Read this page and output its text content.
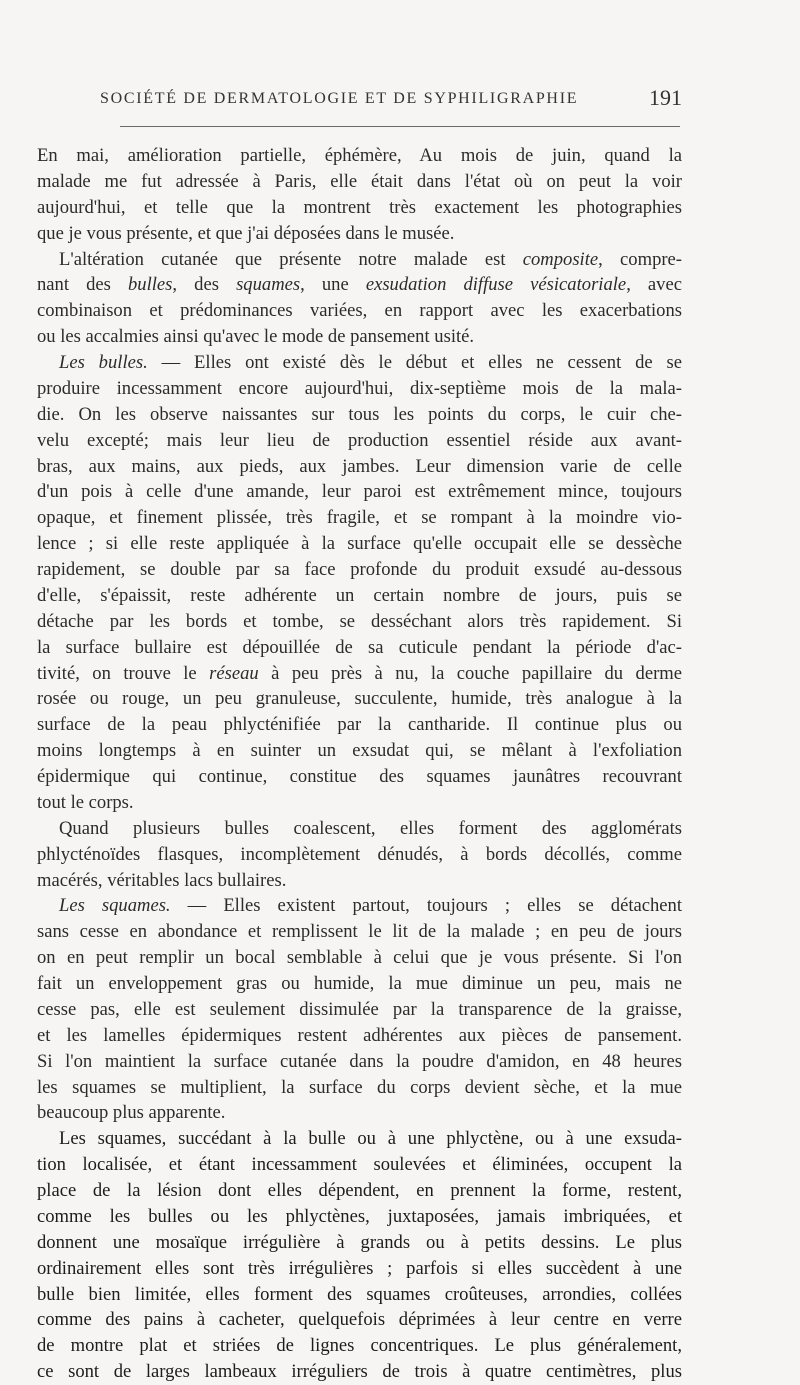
SOCIÉTÉ DE DERMATOLOGIE ET DE SYPHILIGRAPHIE	191
En mai, amélioration partielle, éphémère, Au mois de juin, quand la
malade me fut adressée à Paris, elle était dans l'état où on peut la voir
aujourd'hui, et telle que la montrent très exactement les photographies
que je vous présente, et que j'ai déposées dans le musée.
L'altération cutanée que présente notre malade est composite, compre-
nant des bulles, des squames, une exsudation diffuse vésicatoriale, avec
combinaison et prédominances variées, en rapport avec les exacerbations
ou les accalmies ainsi qu'avec le mode de pansement usité.
Les bulles. — Elles ont existé dès le début et elles ne cessent de se
produire incessamment encore aujourd'hui, dix-septième mois de la mala-
die. On les observe naissantes sur tous les points du corps, le cuir che-
velu excepté; mais leur lieu de production essentiel réside aux avant-
bras, aux mains, aux pieds, aux jambes. Leur dimension varie de celle
d'un pois à celle d'une amande, leur paroi est extrêmement mince, toujours
opaque, et finement plissée, très fragile, et se rompant à la moindre vio-
lence ; si elle reste appliquée à la surface qu'elle occupait elle se dessèche
rapidement, se double par sa face profonde du produit exsudé au-dessous
d'elle, s'épaissit, reste adhérente un certain nombre de jours, puis se
détache par les bords et tombe, se desséchant alors très rapidement. Si
la surface bullaire est dépouillée de sa cuticule pendant la période d'ac-
tivité, on trouve le réseau à peu près à nu, la couche papillaire du derme
rosée ou rouge, un peu granuleuse, succulente, humide, très analogue à la
surface de la peau phlycténifiée par la cantharide. Il continue plus ou
moins longtemps à en suinter un exsudat qui, se mêlant à l'exfoliation
épidermique qui continue, constitue des squames jaunâtres recouvrant
tout le corps.
Quand plusieurs bulles coalescent, elles forment des agglomérats
phlycténoïdes flasques, incomplètement dénudés, à bords décollés, comme
macérés, véritables lacs bullaires.
Les squames. — Elles existent partout, toujours ; elles se détachent
sans cesse en abondance et remplissent le lit de la malade ; en peu de jours
on en peut remplir un bocal semblable à celui que je vous présente. Si l'on
fait un enveloppement gras ou humide, la mue diminue un peu, mais ne
cesse pas, elle est seulement dissimulée par la transparence de la graisse,
et les lamelles épidermiques restent adhérentes aux pièces de pansement.
Si l'on maintient la surface cutanée dans la poudre d'amidon, en 48 heures
les squames se multiplient, la surface du corps devient sèche, et la mue
beaucoup plus apparente.
Les squames, succédant à la bulle ou à une phlyctène, ou à une exsuda-
tion localisée, et étant incessamment soulevées et éliminées, occupent la
place de la lésion dont elles dépendent, en prennent la forme, restent,
comme les bulles ou les phlyctènes, juxtaposées, jamais imbriquées, et
donnent une mosaïque irrégulière à grands ou à petits dessins. Le plus
ordinairement elles sont très irrégulières ; parfois si elles succèdent à une
bulle bien limitée, elles forment des squames croûteuses, arrondies, collées
comme des pains à cacheter, quelquefois déprimées à leur centre en verre
de montre plat et striées de lignes concentriques. Le plus généralement,
ce sont de larges lambeaux irréguliers de trois à quatre centimètres, plus
